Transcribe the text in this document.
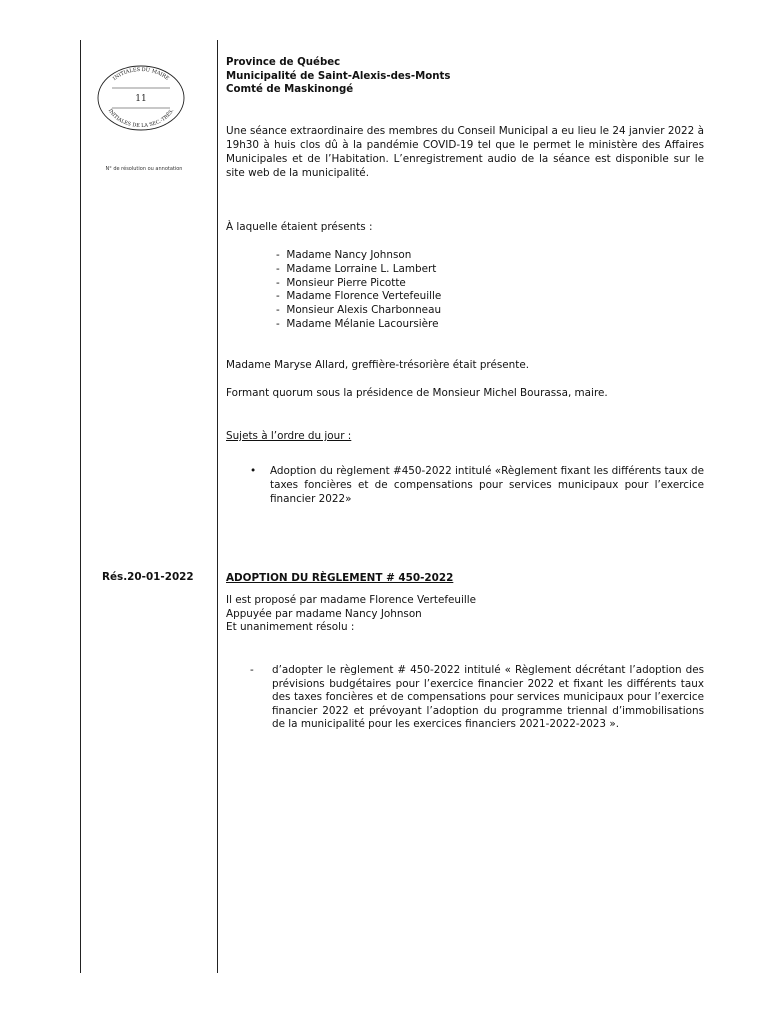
INITIALES DU MAIRE
11
INITIALES DE LA SEC.-TRÉS.
N° de résolution ou annotation
Province de Québec
Municipalité de Saint-Alexis-des-Monts
Comté de Maskinongé

Une séance extraordinaire des membres du Conseil Municipal a eu lieu le 24 janvier 2022 à 19h30 à huis clos dû à la pandémie COVID-19 tel que le permet le ministère des Affaires Municipales et de l’Habitation. L’enregistrement audio de la séance est disponible sur le site web de la municipalité.

À laquelle étaient présents :
- Madame Nancy Johnson
- Madame Lorraine L. Lambert
- Monsieur Pierre Picotte
- Madame Florence Vertefeuille
- Monsieur Alexis Charbonneau
- Madame Mélanie Lacoursière
Madame Maryse Allard, greffière-trésorière était présente.
Formant quorum sous la présidence de Monsieur Michel Bourassa, maire.
Sujets à l’ordre du jour :
• Adoption du règlement #450-2022 intitulé «Règlement fixant les différents taux de taxes foncières et de compensations pour services municipaux pour l’exercice financier 2022»
ADOPTION DU RÈGLEMENT # 450-2022
Il est proposé par madame Florence Vertefeuille
Appuyée par madame Nancy Johnson
Et unanimement résolu :
- d’adopter le règlement # 450-2022 intitulé « Règlement décrétant l’adoption des prévisions budgétaires pour l’exercice financier 2022 et fixant les différents taux des taxes foncières et de compensations pour services municipaux pour l’exercice financier 2022 et prévoyant l’adoption du programme triennal d’immobilisations de la municipalité pour les exercices financiers 2021-2022-2023 ».
Rés.20-01-2022
